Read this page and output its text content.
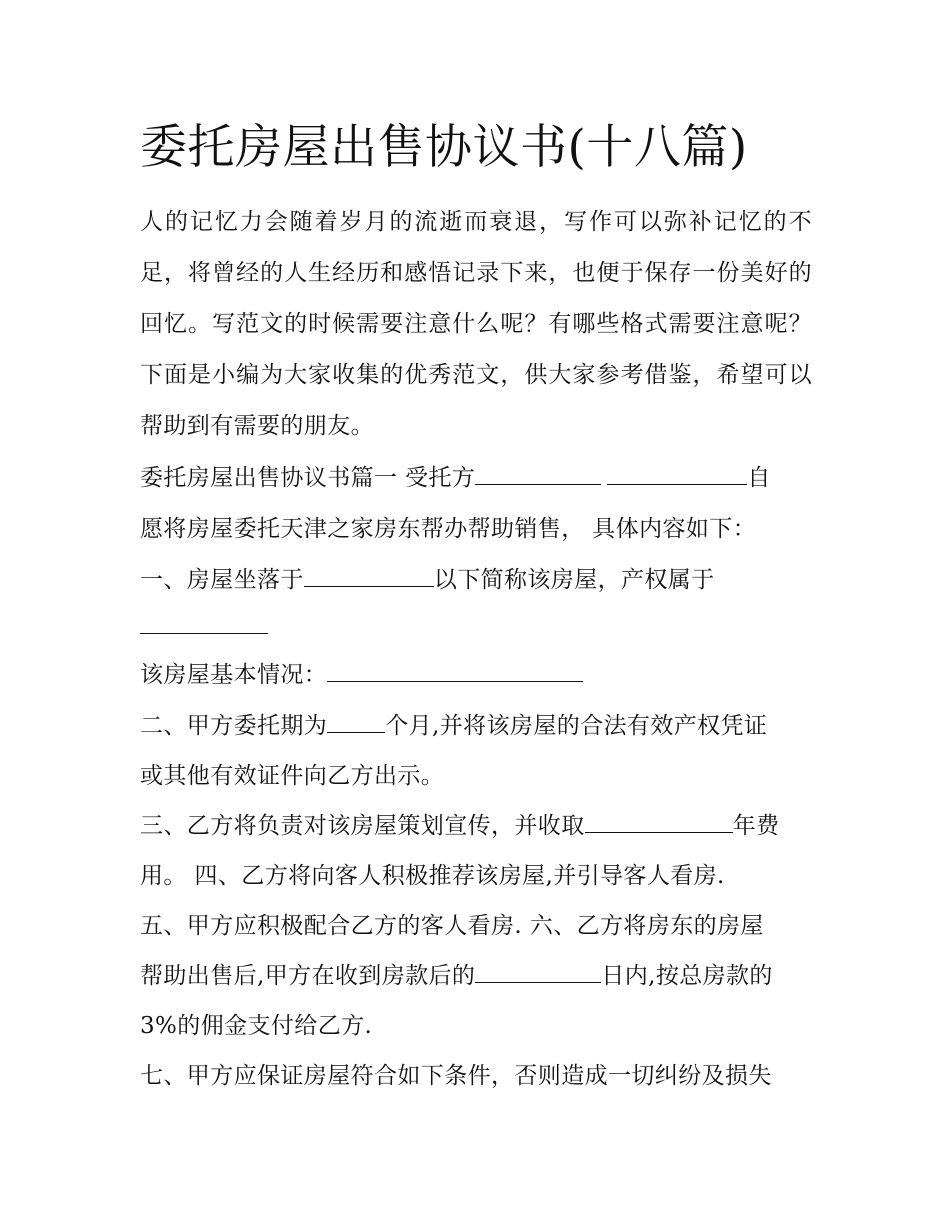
委托房屋出售协议书(十八篇)

人的记忆力会随着岁月的流逝而衰退，写作可以弥补记忆的不足，将曾经的人生经历和感悟记录下来，也便于保存一份美好的回忆。写范文的时候需要注意什么呢？有哪些格式需要注意呢？下面是小编为大家收集的优秀范文，供大家参考借鉴，希望可以帮助到有需要的朋友。

委托房屋出售协议书篇一 受托方	自
愿将房屋委托天津之家房东帮办帮助销售， 具体内容如下：
一、房屋坐落于	以下简称该房屋，产权属于
该房屋基本情况：
二、甲方委托期为	个月,并将该房屋的合法有效产权凭证
或其他有效证件向乙方出示。
三、乙方将负责对该房屋策划宣传，并收取	年费
用。 四、乙方将向客人积极推荐该房屋,并引导客人看房.
五、甲方应积极配合乙方的客人看房. 六、乙方将房东的房屋
帮助出售后,甲方在收到房款后的	日内,按总房款的
3%的佣金支付给乙方.
七、甲方应保证房屋符合如下条件，否则造成一切纠纷及损失
